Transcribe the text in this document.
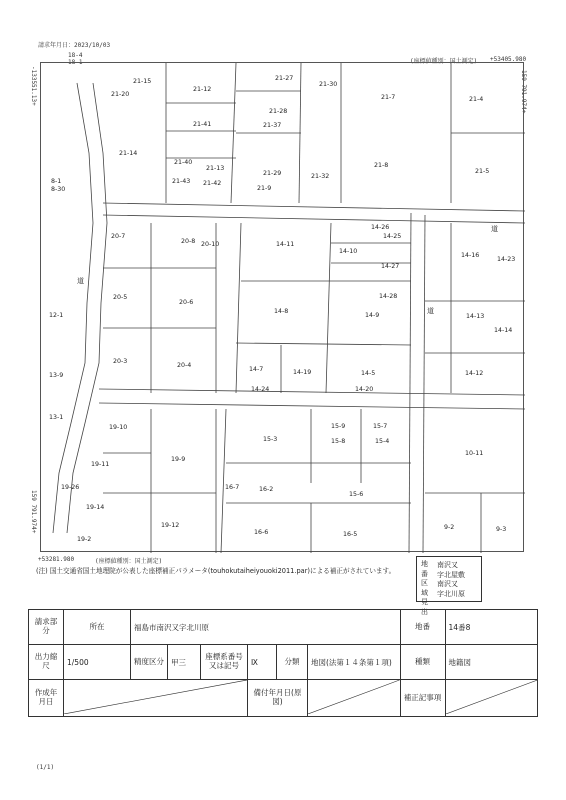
請求年月日：2023/10/03
18-4
18-1	(座標値種別：国土測定) +53405.980
159 791.974+
-133551.13+
159 791.974+
21-15
21-20
21-12
21-27
21-30
21-7	21-4
21-28
21-37
21-41
21-14
21-40
21-13
21-29	21-32
21-8
21-5
21-43 21-42
21-9
8-1
8-30
20-7
20-8 20-10	14-11
14-26
14-25
14-10
14-16
14-23
14-27
20-5
20-6
14-28
14-8
14-9
12-1	14-13
14-14
20-3
20-4
14-7	14-19	14-5	14-12
14-24	14-20
13-9
13-1
19-10	15-9	15-7
15-3	15-8	15-4
10-11
19-11
19-9
19-26	16-7	16-2
15-6
19-14
19-12	9-2	9-3
16-6	16-5
19-2
道
道
道
+53281.980	(座標値種別：国土測定)
(注) 国土交通省国土地理院が公表した座標補正パラメータ(touhokutaiheiyouoki2011.par)による補正がされています。
地番区域見出
南沢又
字北屋敷
南沢又
字北川原
請求部分	所在	福島市南沢又字北川原						地番	14番8
出力縮尺	1/500	精度区分	甲三	座標系番号又は記号	Ⅸ	分類	地図(法第１４条第１項)	種類	地籍図
作成年月日					備付年月日(原図)			補正記事項	
(1/1)
